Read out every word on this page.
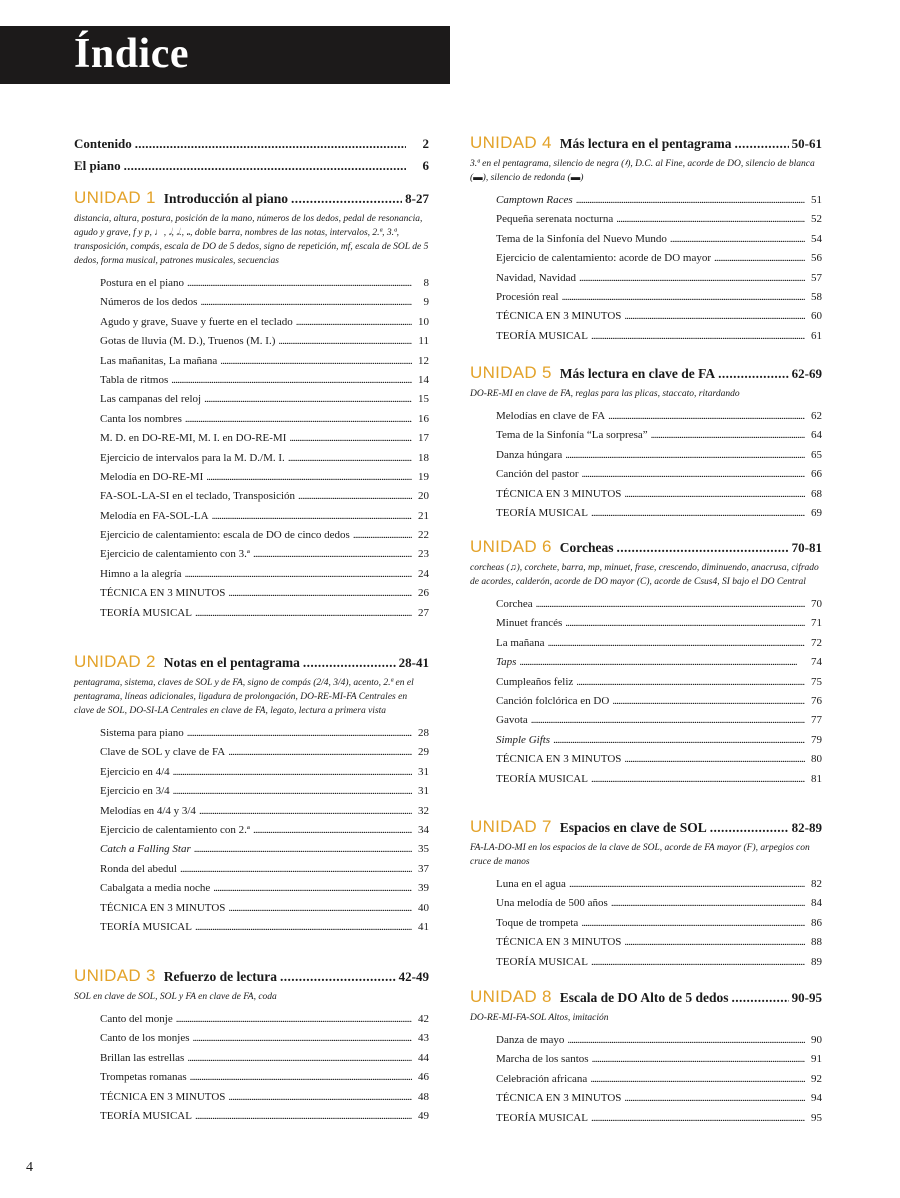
Índice
Contenido . . .	2
El piano . . .	6
UNIDAD 1 Introducción al piano . . .	8-27
distancia, altura, postura, posición de la mano, números de los dedos, pedal de resonancia, agudo y grave, f y p, ♩, 𝅗𝅥, 𝅗𝅥., 𝅝, doble barra, nombres de las notas, intervalos, 2.ª, 3.ª, transposición, compás, escala de DO de 5 dedos, signo de repetición, mf, escala de SOL de 5 dedos, forma musical, patrones musicales, secuencias
Postura en el piano . . .	8
Números de los dedos . . .	9
Agudo y grave, Suave y fuerte en el teclado . . .	10
Gotas de lluvia (M. D.), Truenos (M. I.) . . .	11
Las mañanitas, La mañana . . .	12
Tabla de ritmos . . .	14
Las campanas del reloj . . .	15
Canta los nombres . . .	16
M. D. en DO-RE-MI, M. I. en DO-RE-MI . . .	17
Ejercicio de intervalos para la M. D./M. I. . . .	18
Melodía en DO-RE-MI . . .	19
FA-SOL-LA-SI en el teclado, Transposición . . .	20
Melodía en FA-SOL-LA . . .	21
Ejercicio de calentamiento: escala de DO de cinco dedos . . .	22
Ejercicio de calentamiento con 3.ª . . .	23
Himno a la alegría . . .	24
TÉCNICA EN 3 MINUTOS . . .	26
TEORÍA MUSICAL . . .	27
UNIDAD 2 Notas en el pentagrama . . .	28-41
pentagrama, sistema, claves de SOL y de FA, signo de compás (2/4, 3/4), acento, 2.ª en el pentagrama, líneas adicionales, ligadura de prolongación, DO-RE-MI-FA Centrales en clave de SOL, DO-SI-LA Centrales en clave de FA, legato, lectura a primera vista
Sistema para piano . . .	28
Clave de SOL y clave de FA . . .	29
Ejercicio en 4/4 . . .	31
Ejercicio en 3/4 . . .	31
Melodías en 4/4 y 3/4 . . .	32
Ejercicio de calentamiento con 2.ª . . .	34
Catch a Falling Star . . .	35
Ronda del abedul . . .	37
Cabalgata a media noche . . .	39
TÉCNICA EN 3 MINUTOS . . .	40
TEORÍA MUSICAL . . .	41
UNIDAD 3 Refuerzo de lectura . . .	42-49
SOL en clave de SOL, SOL y FA en clave de FA, coda
Canto del monje . . .	42
Canto de los monjes . . .	43
Brillan las estrellas . . .	44
Trompetas romanas . . .	46
TÉCNICA EN 3 MINUTOS . . .	48
TEORÍA MUSICAL . . .	49
UNIDAD 4 Más lectura en el pentagrama . . .	50-61
3.ª en el pentagrama, silencio de negra (𝄽), D.C. al Fine, acorde de DO, silencio de blanca (▬), silencio de redonda (▬)
Camptown Races . . .	51
Pequeña serenata nocturna . . .	52
Tema de la Sinfonía del Nuevo Mundo . . .	54
Ejercicio de calentamiento: acorde de DO mayor . . .	56
Navidad, Navidad . . .	57
Procesión real . . .	58
TÉCNICA EN 3 MINUTOS . . .	60
TEORÍA MUSICAL . . .	61
UNIDAD 5 Más lectura en clave de FA . . .	62-69
DO-RE-MI en clave de FA, reglas para las plicas, staccato, ritardando
Melodías en clave de FA . . .	62
Tema de la Sinfonía “La sorpresa” . . .	64
Danza húngara . . .	65
Canción del pastor . . .	66
TÉCNICA EN 3 MINUTOS . . .	68
TEORÍA MUSICAL . . .	69
UNIDAD 6 Corcheas . . .	70-81
corcheas (♫), corchete, barra, mp, minuet, frase, crescendo, diminuendo, anacrusa, cifrado de acordes, calderón, acorde de DO mayor (C), acorde de Csus4, SI bajo el DO Central
Corchea . . .	70
Minuet francés . . .	71
La mañana . . .	72
Taps . . .	74
Cumpleaños feliz . . .	75
Canción folclórica en DO . . .	76
Gavota . . .	77
Simple Gifts . . .	79
TÉCNICA EN 3 MINUTOS . . .	80
TEORÍA MUSICAL . . .	81
UNIDAD 7 Espacios en clave de SOL . . .	82-89
FA-LA-DO-MI en los espacios de la clave de SOL, acorde de FA mayor (F), arpegios con cruce de manos
Luna en el agua . . .	82
Una melodía de 500 años . . .	84
Toque de trompeta . . .	86
TÉCNICA EN 3 MINUTOS . . .	88
TEORÍA MUSICAL . . .	89
UNIDAD 8 Escala de DO Alto de 5 dedos . . .	90-95
DO-RE-MI-FA-SOL Altos, imitación
Danza de mayo . . .	90
Marcha de los santos . . .	91
Celebración africana . . .	92
TÉCNICA EN 3 MINUTOS . . .	94
TEORÍA MUSICAL . . .	95
4
